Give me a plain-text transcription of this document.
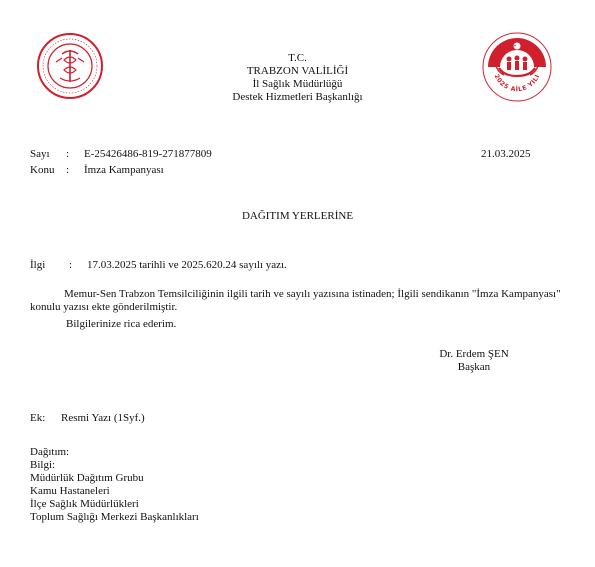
T.C.
TRABZON VALİLİĞİ
İl Sağlık Müdürlüğü
Destek Hizmetleri Başkanlığı
2025 AİLE YILI
Sayı : E-25426486-819-271877809	21.03.2025
Konu : İmza Kampanyası
DAĞITIM YERLERİNE
İlgi : 17.03.2025 tarihli ve 2025.620.24 sayılı yazı.
Memur-Sen Trabzon Temsilciliğinin ilgili tarih ve sayılı yazısına istinaden; İlgili sendikanın "İmza Kampanyası" konulu yazısı ekte gönderilmiştir.
Bilgilerinize rica ederim.
Dr. Erdem ŞEN
Başkan
Ek: Resmi Yazı (1Syf.)
Dağıtım:
Bilgi:
Müdürlük Dağıtım Grubu
Kamu Hastaneleri
İlçe Sağlık Müdürlükleri
Toplum Sağlığı Merkezi Başkanlıkları
